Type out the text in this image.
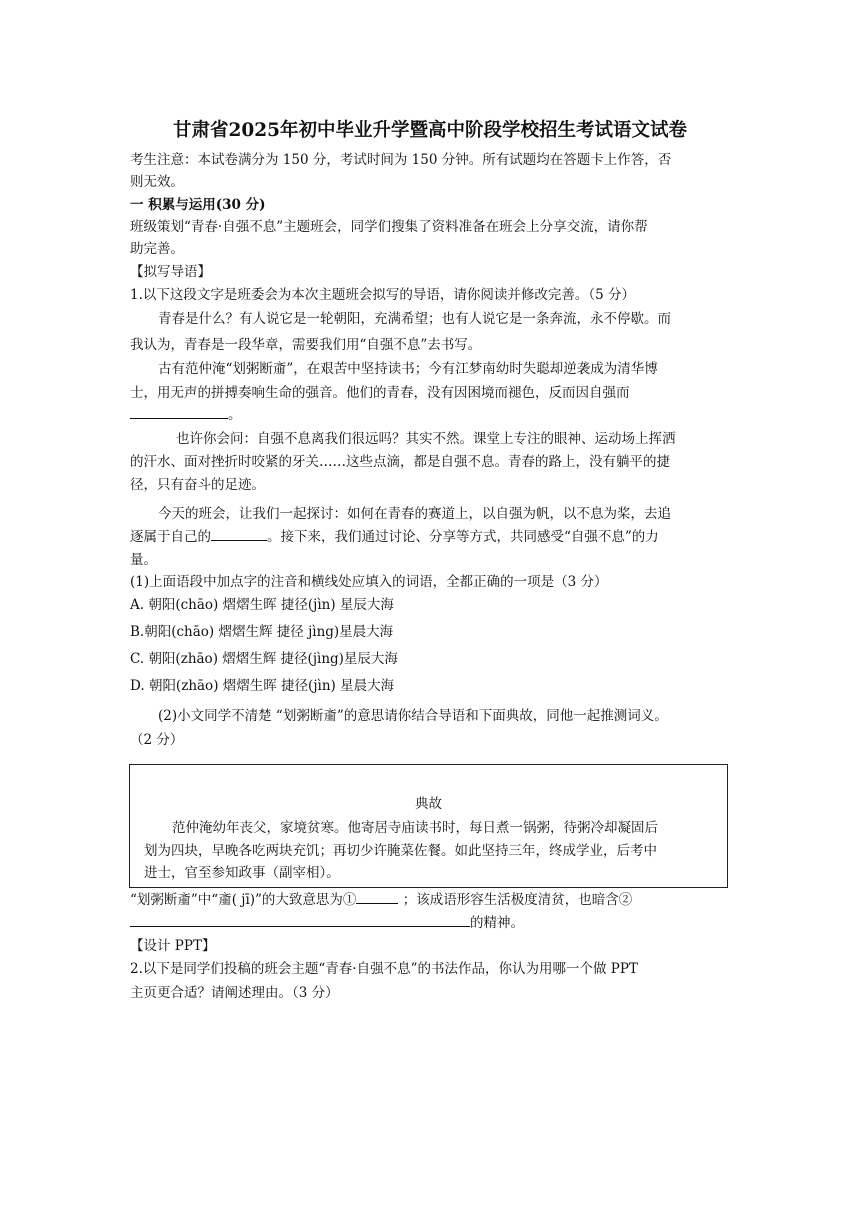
甘肃省2025年初中毕业升学暨高中阶段学校招生考试语文试卷
考生注意：本试卷满分为 150 分，考试时间为 150 分钟。所有试题均在答题卡上作答，否
则无效。
一 积累与运用(30 分)
班级策划“青春·自强不息”主题班会，同学们搜集了资料准备在班会上分享交流，请你帮
助完善。
【拟写导语】
1.以下这段文字是班委会为本次主题班会拟写的导语，请你阅读并修改完善。（5 分）
青春是什么？有人说它是一轮朝阳，充满希望；也有人说它是一条奔流，永不停歇。而
我认为，青春是一段华章，需要我们用“自强不息”去书写。
古有范仲淹“划粥断齑”，在艰苦中坚持读书；今有江梦南幼时失聪却逆袭成为清华博
士，用无声的拼搏奏响生命的强音。他们的青春，没有因困境而褪色，反而因自强而
。
也许你会问：自强不息离我们很远吗？其实不然。课堂上专注的眼神、运动场上挥洒
的汗水、面对挫折时咬紧的牙关……这些点滴，都是自强不息。青春的路上，没有躺平的捷
径，只有奋斗的足迹。
今天的班会，让我们一起探讨：如何在青春的赛道上，以自强为帆，以不息为桨，去追
逐属于自己的	。接下来，我们通过讨论、分享等方式，共同感受“自强不息”的力
量。
(1)上面语段中加点字的注音和横线处应填入的词语，全都正确的一项是（3 分）
A. 朝阳(chāo) 熠熠生晖 捷径(jìn) 星辰大海
B.朝阳(chāo) 熠熠生辉 捷径 jìng)星晨大海
C. 朝阳(zhāo) 熠熠生辉 捷径(jìng)星辰大海
D. 朝阳(zhāo) 熠熠生晖 捷径(jìn) 星晨大海
(2)小文同学不清楚 “划粥断齑”的意思请你结合导语和下面典故，同他一起推测词义。
（2 分）
典故
范仲淹幼年丧父，家境贫寒。他寄居寺庙读书时，每日煮一锅粥，待粥冷却凝固后
划为四块，早晚各吃两块充饥；再切少许腌菜佐餐。如此坚持三年，终成学业，后考中
进士，官至参知政事（副宰相）。
“划粥断齑”中“齑( jī)”的大致意思为①	；该成语形容生活极度清贫，也暗含②
的精神。
【设计 PPT】
2.以下是同学们投稿的班会主题“青春·自强不息”的书法作品，你认为用哪一个做 PPT
主页更合适？请阐述理由。（3 分）
